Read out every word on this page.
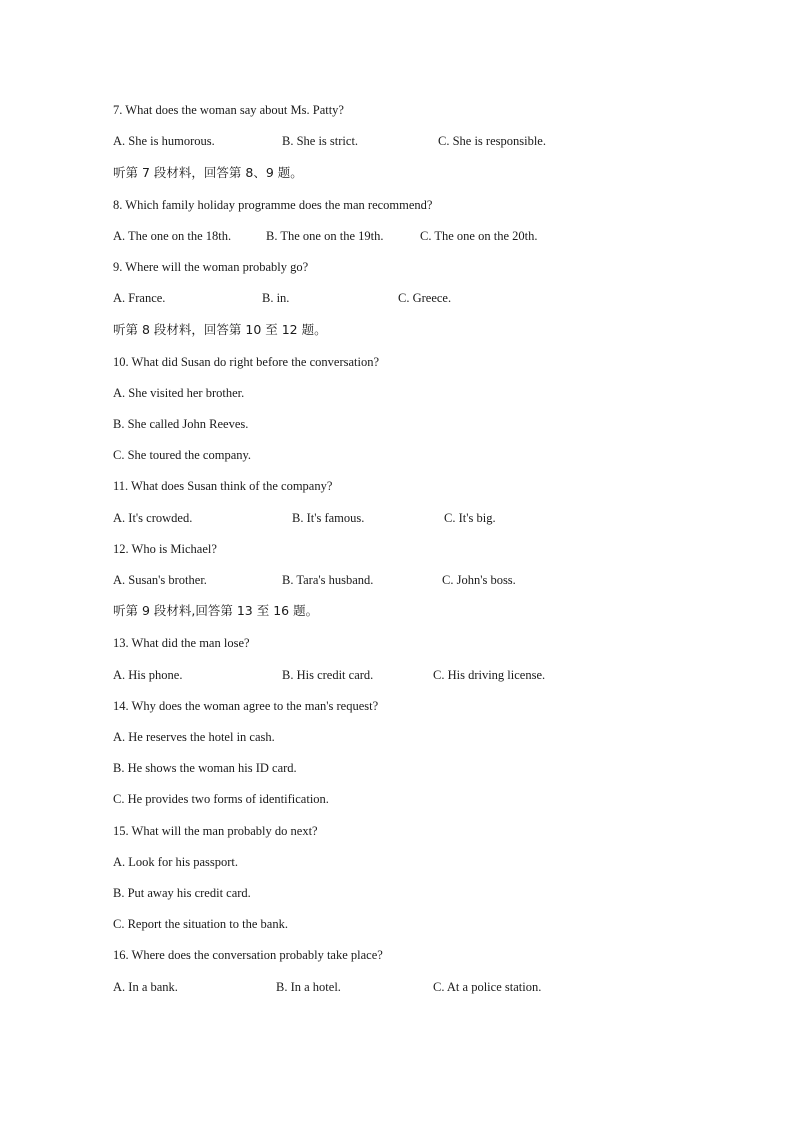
7. What does the woman say about Ms. Patty?
A. She is humorous.	B. She is strict.	C. She is responsible.
听第 7 段材料，回答第 8、9 题。
8. Which family holiday programme does the man recommend?
A. The one on the 18th.	B. The one on the 19th.	C. The one on the 20th.
9. Where will the woman probably go?
A. France.	B. in.	C. Greece.
听第 8 段材料，回答第 10 至 12 题。
10. What did Susan do right before the conversation?
A. She visited her brother.
B. She called John Reeves.
C. She toured the company.
11. What does Susan think of the company?
A. It's crowded.	B. It's famous.	C. It's big.
12. Who is Michael?
A. Susan's brother.	B. Tara's husband.	C. John's boss.
听第 9 段材料,回答第 13 至 16 题。
13. What did the man lose?
A. His phone.	B. His credit card.	C. His driving license.
14. Why does the woman agree to the man's request?
A. He reserves the hotel in cash.
B. He shows the woman his ID card.
C. He provides two forms of identification.
15. What will the man probably do next?
A. Look for his passport.
B. Put away his credit card.
C. Report the situation to the bank.
16. Where does the conversation probably take place?
A. In a bank.	B. In a hotel.	C. At a police station.
